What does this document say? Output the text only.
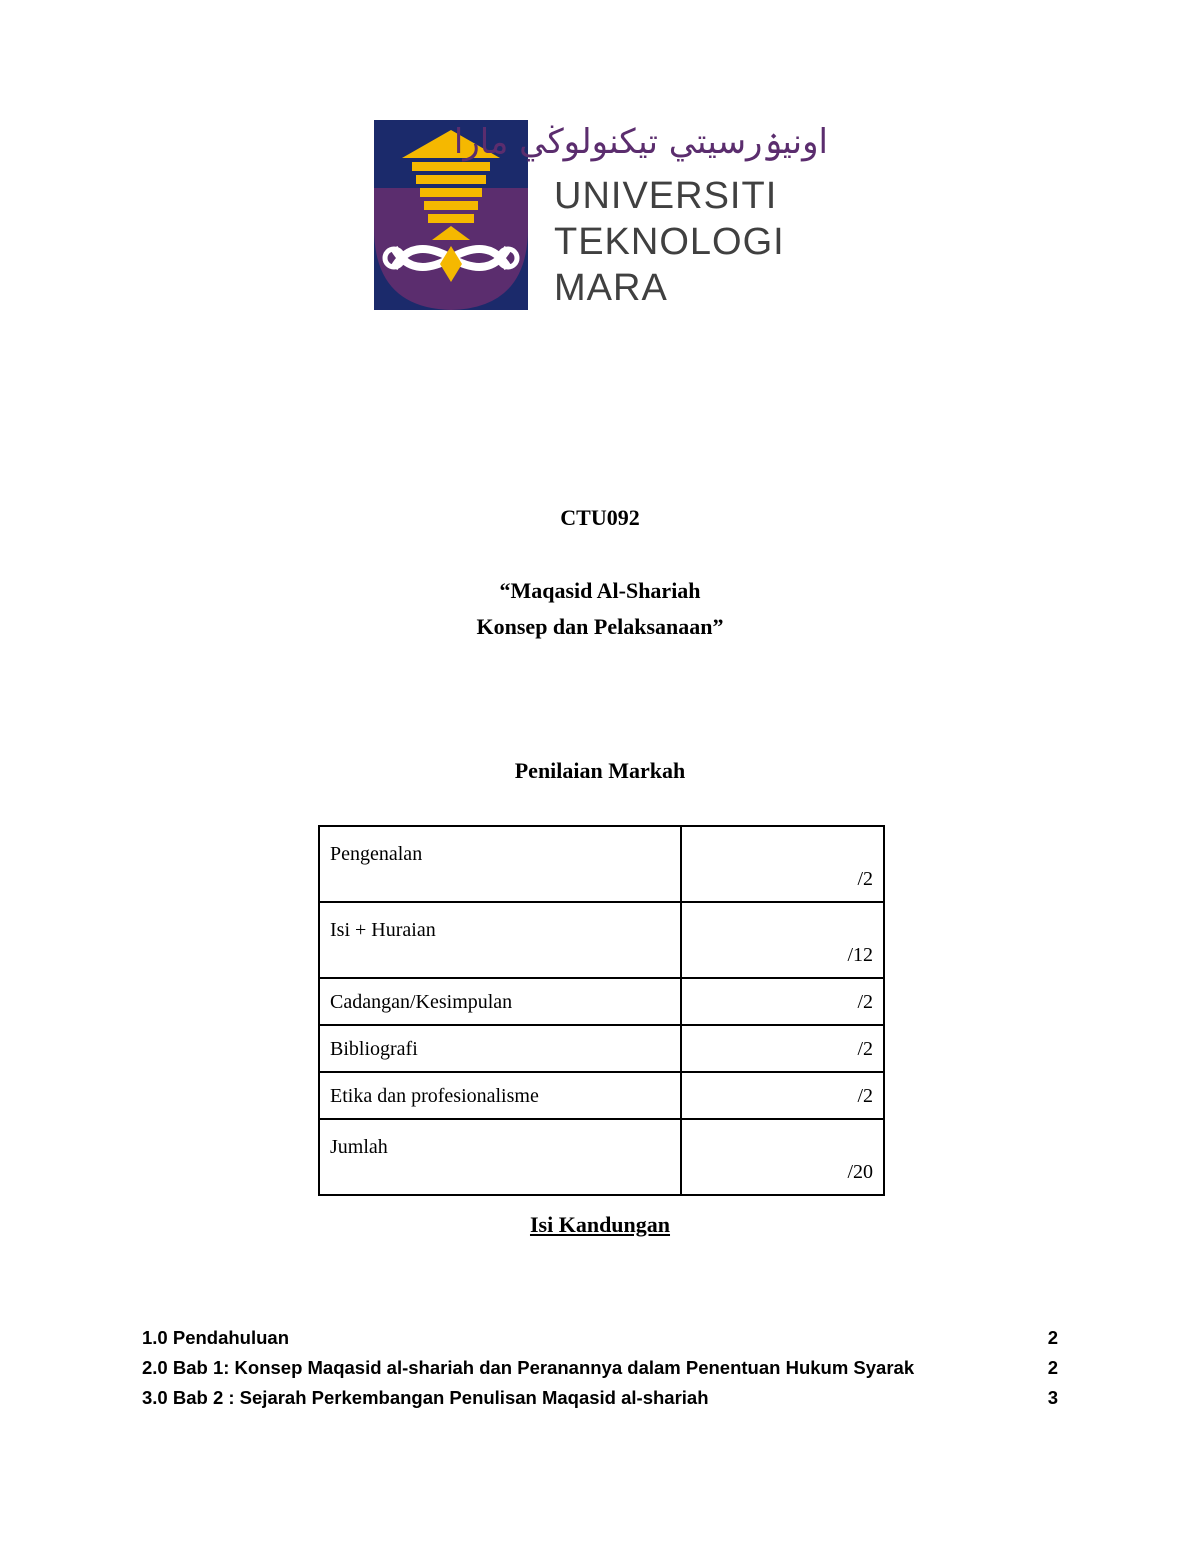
اونيۏرسيتي تيکنولوڬي مارا
UNIVERSITI
TEKNOLOGI
MARA
CTU092
“Maqasid Al-Shariah
Konsep dan Pelaksanaan”
Penilaian Markah
Pengenalan	/2
Isi + Huraian	/12
Cadangan/Kesimpulan	/2
Bibliografi	/2
Etika dan profesionalisme	/2
Jumlah	/20
Isi Kandungan
1.0 Pendahuluan	2
2.0 Bab 1: Konsep Maqasid al-shariah dan Peranannya dalam Penentuan Hukum Syarak	2
3.0 Bab 2 : Sejarah Perkembangan Penulisan Maqasid al-shariah	3
